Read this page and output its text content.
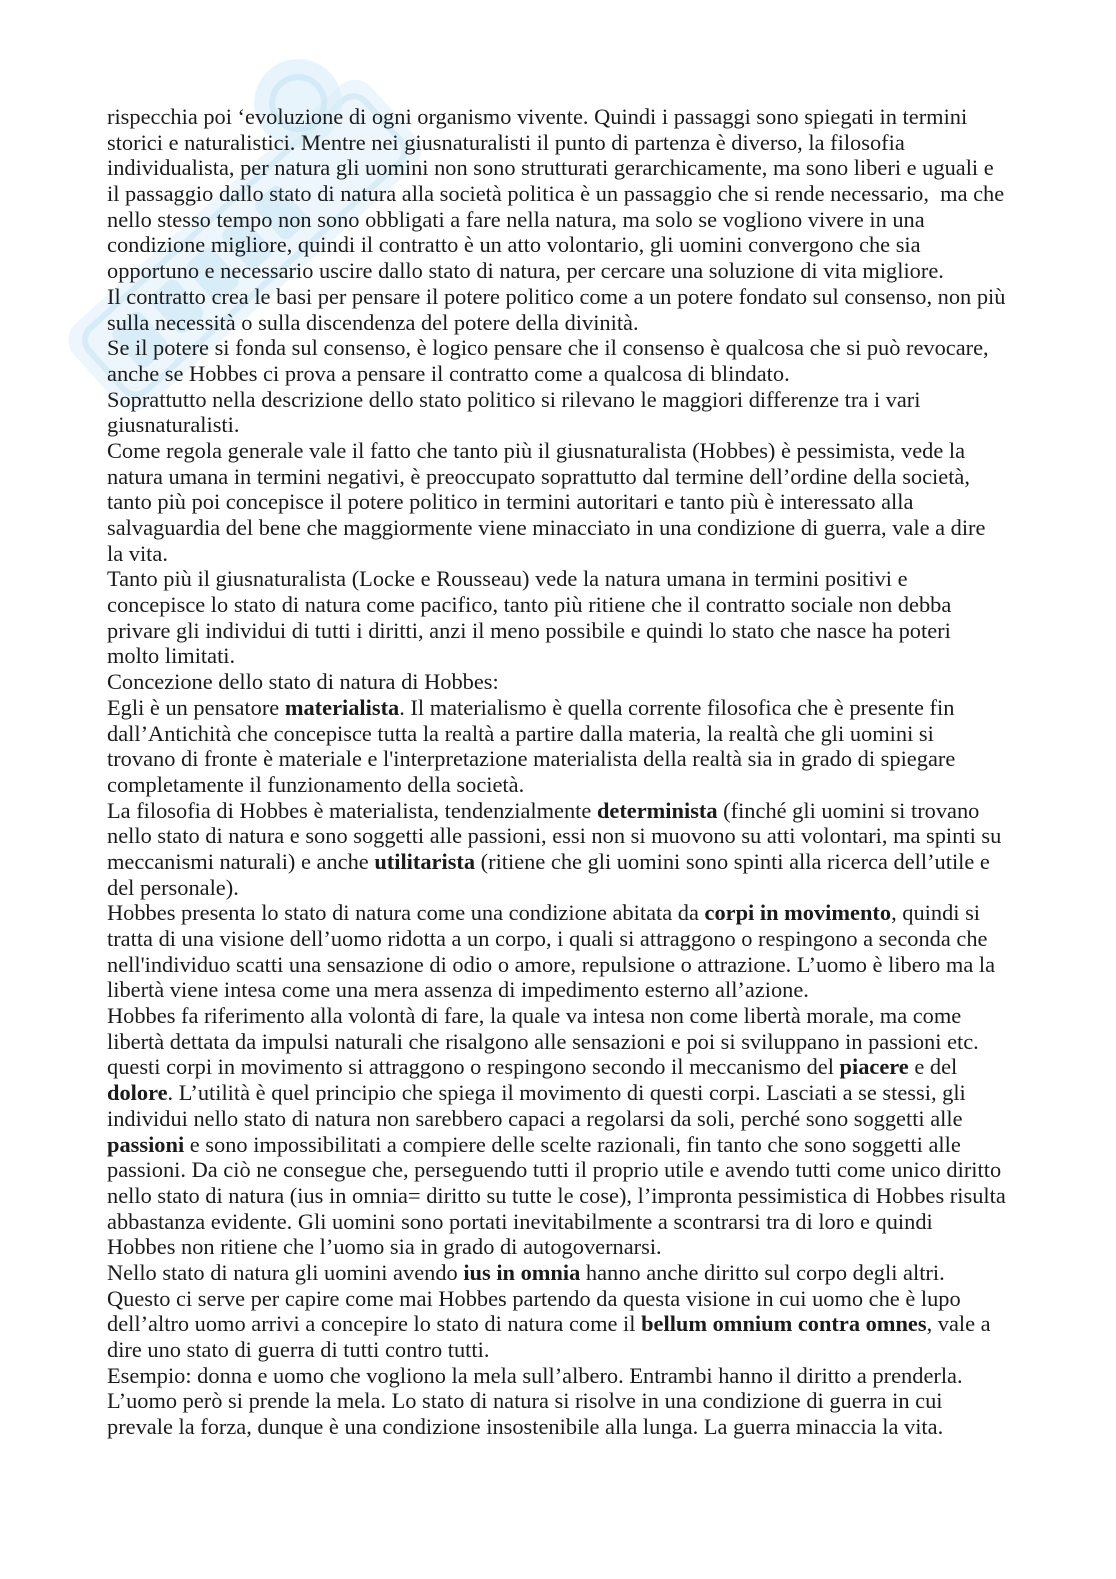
rispecchia poi ‘evoluzione di ogni organismo vivente. Quindi i passaggi sono spiegati in termini
storici e naturalistici. Mentre nei giusnaturalisti il punto di partenza è diverso, la filosofia
individualista, per natura gli uomini non sono strutturati gerarchicamente, ma sono liberi e uguali e
il passaggio dallo stato di natura alla società politica è un passaggio che si rende necessario,  ma che
nello stesso tempo non sono obbligati a fare nella natura, ma solo se vogliono vivere in una
condizione migliore, quindi il contratto è un atto volontario, gli uomini convergono che sia
opportuno e necessario uscire dallo stato di natura, per cercare una soluzione di vita migliore.
Il contratto crea le basi per pensare il potere politico come a un potere fondato sul consenso, non più
sulla necessità o sulla discendenza del potere della divinità.
Se il potere si fonda sul consenso, è logico pensare che il consenso è qualcosa che si può revocare,
anche se Hobbes ci prova a pensare il contratto come a qualcosa di blindato.
Soprattutto nella descrizione dello stato politico si rilevano le maggiori differenze tra i vari
giusnaturalisti.
Come regola generale vale il fatto che tanto più il giusnaturalista (Hobbes) è pessimista, vede la
natura umana in termini negativi, è preoccupato soprattutto dal termine dell’ordine della società,
tanto più poi concepisce il potere politico in termini autoritari e tanto più è interessato alla
salvaguardia del bene che maggiormente viene minacciato in una condizione di guerra, vale a dire
la vita.
Tanto più il giusnaturalista (Locke e Rousseau) vede la natura umana in termini positivi e
concepisce lo stato di natura come pacifico, tanto più ritiene che il contratto sociale non debba
privare gli individui di tutti i diritti, anzi il meno possibile e quindi lo stato che nasce ha poteri
molto limitati.
Concezione dello stato di natura di Hobbes:
Egli è un pensatore materialista. Il materialismo è quella corrente filosofica che è presente fin
dall’Antichità che concepisce tutta la realtà a partire dalla materia, la realtà che gli uomini si
trovano di fronte è materiale e l'interpretazione materialista della realtà sia in grado di spiegare
completamente il funzionamento della società.
La filosofia di Hobbes è materialista, tendenzialmente determinista (finché gli uomini si trovano
nello stato di natura e sono soggetti alle passioni, essi non si muovono su atti volontari, ma spinti su
meccanismi naturali) e anche utilitarista (ritiene che gli uomini sono spinti alla ricerca dell’utile e
del personale).
Hobbes presenta lo stato di natura come una condizione abitata da corpi in movimento, quindi si
tratta di una visione dell’uomo ridotta a un corpo, i quali si attraggono o respingono a seconda che
nell'individuo scatti una sensazione di odio o amore, repulsione o attrazione. L’uomo è libero ma la
libertà viene intesa come una mera assenza di impedimento esterno all’azione.
Hobbes fa riferimento alla volontà di fare, la quale va intesa non come libertà morale, ma come
libertà dettata da impulsi naturali che risalgono alle sensazioni e poi si sviluppano in passioni etc.
questi corpi in movimento si attraggono o respingono secondo il meccanismo del piacere e del
dolore. L’utilità è quel principio che spiega il movimento di questi corpi. Lasciati a se stessi, gli
individui nello stato di natura non sarebbero capaci a regolarsi da soli, perché sono soggetti alle
passioni e sono impossibilitati a compiere delle scelte razionali, fin tanto che sono soggetti alle
passioni. Da ciò ne consegue che, perseguendo tutti il proprio utile e avendo tutti come unico diritto
nello stato di natura (ius in omnia= diritto su tutte le cose), l’impronta pessimistica di Hobbes risulta
abbastanza evidente. Gli uomini sono portati inevitabilmente a scontrarsi tra di loro e quindi
Hobbes non ritiene che l’uomo sia in grado di autogovernarsi.
Nello stato di natura gli uomini avendo ius in omnia hanno anche diritto sul corpo degli altri.
Questo ci serve per capire come mai Hobbes partendo da questa visione in cui uomo che è lupo
dell’altro uomo arrivi a concepire lo stato di natura come il bellum omnium contra omnes, vale a
dire uno stato di guerra di tutti contro tutti.
Esempio: donna e uomo che vogliono la mela sull’albero. Entrambi hanno il diritto a prenderla.
L’uomo però si prende la mela. Lo stato di natura si risolve in una condizione di guerra in cui
prevale la forza, dunque è una condizione insostenibile alla lunga. La guerra minaccia la vita.
